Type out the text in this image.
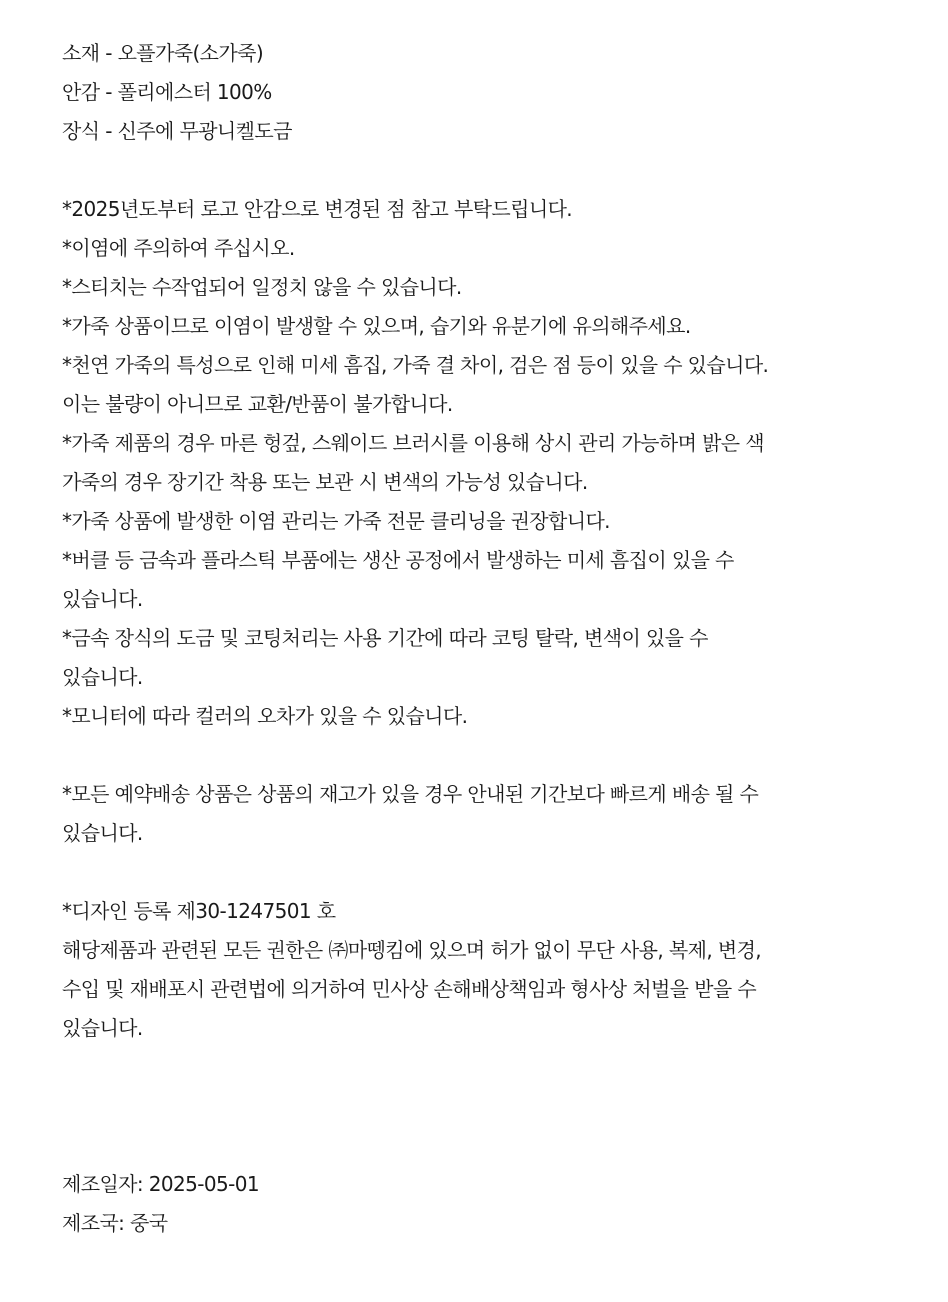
소재 - 오플가죽(소가죽)
안감 - 폴리에스터 100%
장식 - 신주에 무광니켈도금
*2025년도부터 로고 안감으로 변경된 점 참고 부탁드립니다.
*이염에 주의하여 주십시오.
*스티치는 수작업되어 일정치 않을 수 있습니다.
*가죽 상품이므로 이염이 발생할 수 있으며, 습기와 유분기에 유의해주세요.
*천연 가죽의 특성으로 인해 미세 흠집, 가죽 결 차이, 검은 점 등이 있을 수 있습니다.
이는 불량이 아니므로 교환/반품이 불가합니다.
*가죽 제품의 경우 마른 헝겊, 스웨이드 브러시를 이용해 상시 관리 가능하며 밝은 색
가죽의 경우 장기간 착용 또는 보관 시 변색의 가능성 있습니다.
*가죽 상품에 발생한 이염 관리는 가죽 전문 클리닝을 권장합니다.
*버클 등 금속과 플라스틱 부품에는 생산 공정에서 발생하는 미세 흠집이 있을 수
있습니다.
*금속 장식의 도금 및 코팅처리는 사용 기간에 따라 코팅 탈락, 변색이 있을 수
있습니다.
*모니터에 따라 컬러의 오차가 있을 수 있습니다.
*모든 예약배송 상품은 상품의 재고가 있을 경우 안내된 기간보다 빠르게 배송 될 수
있습니다.
*디자인 등록 제30-1247501 호
해당제품과 관련된 모든 권한은 ㈜마뗑킴에 있으며 허가 없이 무단 사용, 복제, 변경,
수입 및 재배포시 관련법에 의거하여 민사상 손해배상책임과 형사상 처벌을 받을 수
있습니다.
제조일자: 2025-05-01
제조국: 중국
